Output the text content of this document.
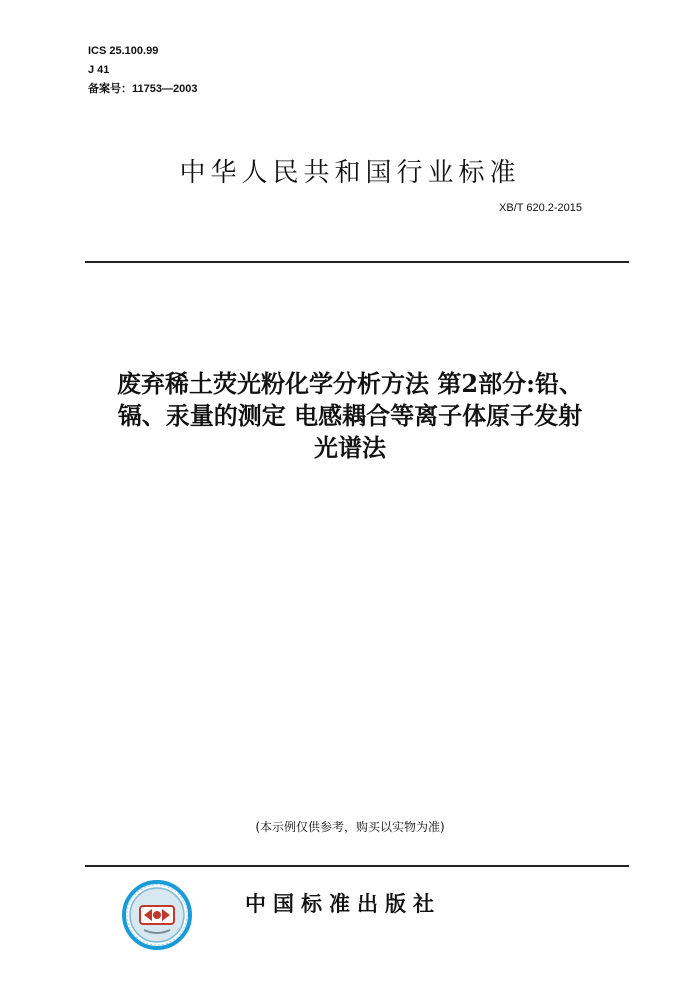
ICS 25.100.99
J 41
备案号：11753—2003
中华人民共和国行业标准
XB/T 620.2-2015
废弃稀土荧光粉化学分析方法 第2部分:铅、
镉、汞量的测定 电感耦合等离子体原子发射
光谱法
(本示例仅供参考，购买以实物为准)
中国标准出版社
